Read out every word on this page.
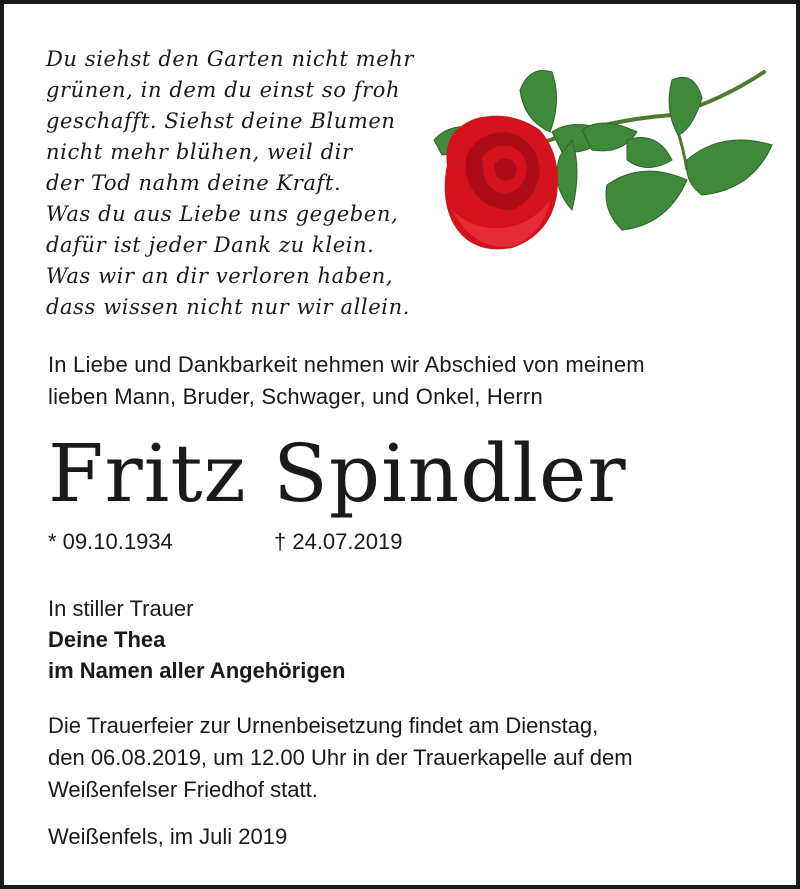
Du siehst den Garten nicht mehr
grünen, in dem du einst so froh
geschafft. Siehst deine Blumen
nicht mehr blühen, weil dir
der Tod nahm deine Kraft.
Was du aus Liebe uns gegeben,
dafür ist jeder Dank zu klein.
Was wir an dir verloren haben,
dass wissen nicht nur wir allein.
In Liebe und Dankbarkeit nehmen wir Abschied von meinem
lieben Mann, Bruder, Schwager, und Onkel, Herrn
Fritz Spindler
* 09.10.1934	† 24.07.2019
In stiller Trauer
Deine Thea
im Namen aller Angehörigen
Die Trauerfeier zur Urnenbeisetzung findet am Dienstag,
den 06.08.2019, um 12.00 Uhr in der Trauerkapelle auf dem
Weißenfelser Friedhof statt.
Weißenfels, im Juli 2019
